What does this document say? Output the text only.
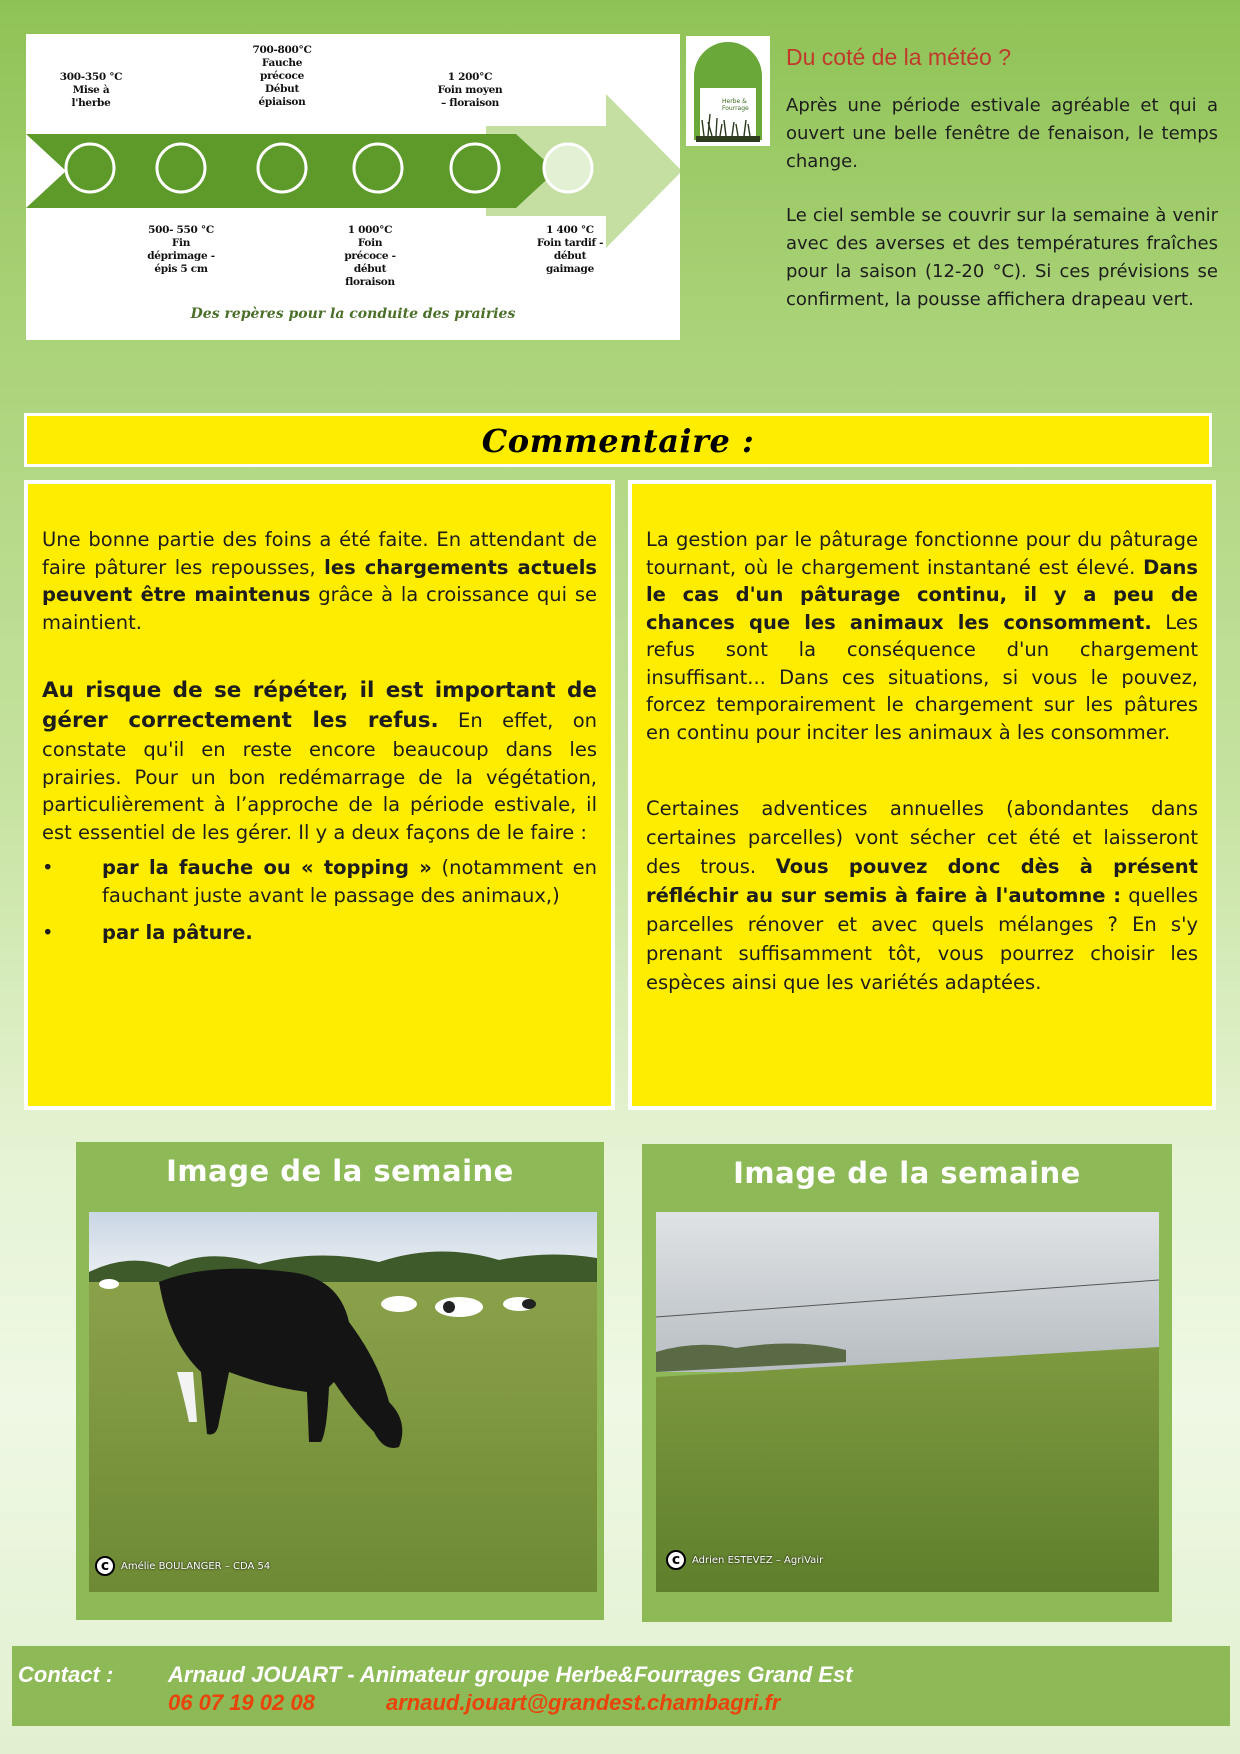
300-350 °C
Mise à
l'herbe
700-800°C
Fauche
précoce
Début
épiaison
1 200°C
Foin moyen
– floraison
500- 550 °C
Fin
déprimage -
épis 5 cm
1 000°C
Foin
précoce -
début
floraison
1 400 °C
Foin tardif -
début
gaimage
Des repères pour la conduite des prairies
Herbe & Fourrage
Du coté de la météo ?

Après une période estivale agréable et qui a ouvert une belle fenêtre de fenaison, le temps change.

Le ciel semble se couvrir sur la semaine à venir avec des averses et des températures fraîches pour la saison (12-20 °C). Si ces prévisions se confirment, la pousse affichera drapeau vert.

Commentaire :

Une bonne partie des foins a été faite. En attendant de faire pâturer les repousses, les chargements actuels peuvent être maintenus grâce à la croissance qui se maintient.

Au risque de se répéter, il est important de gérer correctement les refus. En effet, on constate qu'il en reste encore beaucoup dans les prairies. Pour un bon redémarrage de la végétation, particulièrement à l’approche de la période estivale, il est essentiel de les gérer. Il y a deux façons de le faire :

• par la fauche ou « topping » (notamment en fauchant juste avant le passage des animaux,)
• par la pâture.

La gestion par le pâturage fonctionne pour du pâturage tournant, où le chargement instantané est élevé. Dans le cas d'un pâturage continu, il y a peu de chances que les animaux les consomment. Les refus sont la conséquence d'un chargement insuffisant... Dans ces situations, si vous le pouvez, forcez temporairement le chargement sur les pâtures en continu pour inciter les animaux à les consommer.

Certaines adventices annuelles (abondantes dans certaines parcelles) vont sécher cet été et laisseront des trous. Vous pouvez donc dès à présent réfléchir au sur semis à faire à l'automne : quelles parcelles rénover et avec quels mélanges ? En s'y prenant suffisamment tôt, vous pourrez choisir les espèces ainsi que les variétés adaptées.

Image de la semaine
c	Amélie BOULANGER – CDA 54
Image de la semaine
c	Adrien ESTEVEZ – AgriVair
Contact : Arnaud JOUART - Animateur groupe Herbe&Fourrages Grand Est
06 07 19 02 08	arnaud.jouart@grandest.chambagri.fr
